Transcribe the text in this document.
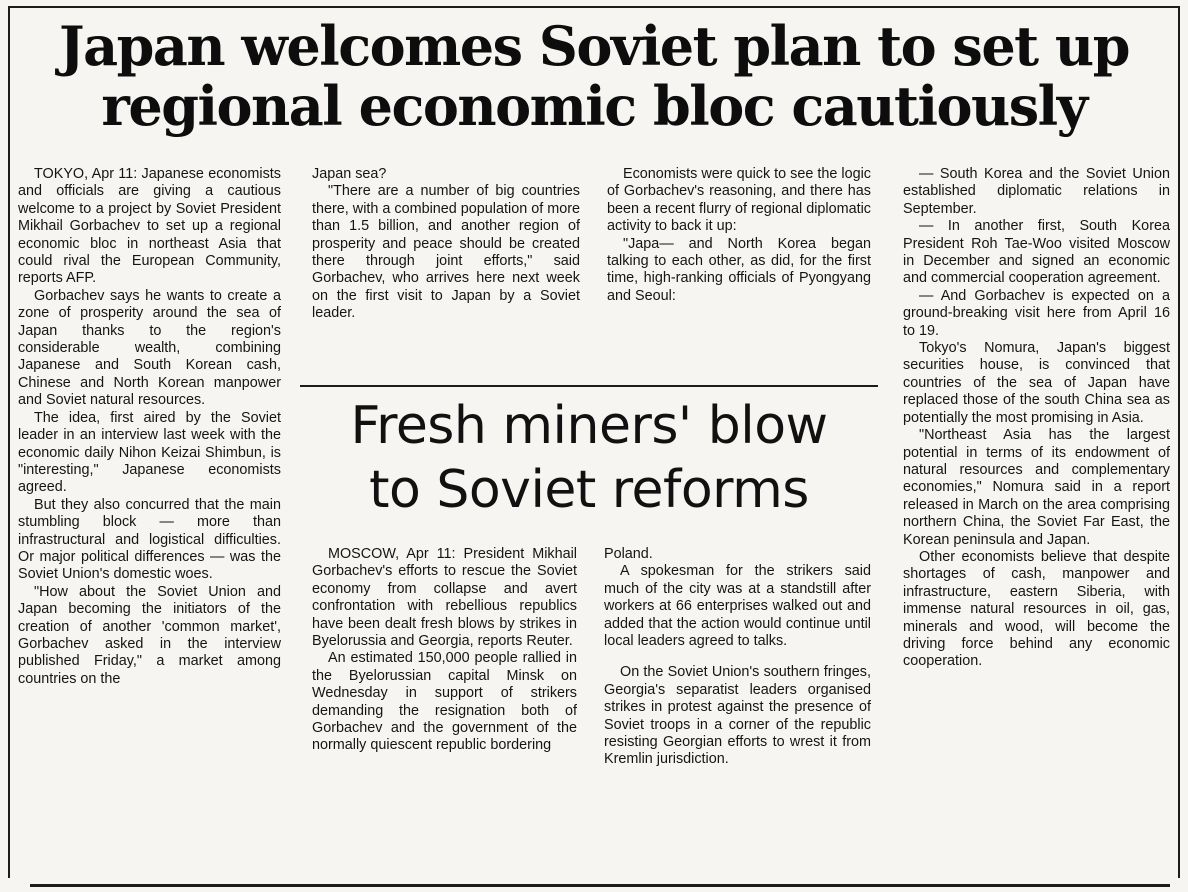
Japan welcomes Soviet plan to set up
regional economic bloc cautiously

TOKYO, Apr 11: Japanese economists and officials are giving a cautious welcome to a project by Soviet President Mikhail Gorbachev to set up a regional economic bloc in northeast Asia that could rival the European Community, reports AFP.

Gorbachev says he wants to create a zone of prosperity around the sea of Japan thanks to the region's considerable wealth, combining Japanese and South Korean cash, Chinese and North Korean manpower and Soviet natural resources.

The idea, first aired by the Soviet leader in an interview last week with the economic daily Nihon Keizai Shimbun, is "interesting," Japanese economists agreed.

But they also concurred that the main stumbling block — more than infrastructural and logistical difficulties. Or major political differences — was the Soviet Union's domestic woes.

"How about the Soviet Union and Japan becoming the initiators of the creation of another 'common market', Gorbachev asked in the interview published Friday," a market among countries on the

Japan sea?

"There are a number of big countries there, with a combined population of more than 1.5 billion, and another region of prosperity and peace should be created there through joint efforts," said Gorbachev, who arrives here next week on the first visit to Japan by a Soviet leader.

Economists were quick to see the logic of Gorbachev's reasoning, and there has been a recent flurry of regional diplomatic activity to back it up:

"Japa— and North Korea began talking to each other, as did, for the first time, high-ranking officials of Pyongyang and Seoul:

— South Korea and the Soviet Union established diplomatic relations in September.

— In another first, South Korea President Roh Tae-Woo visited Moscow in December and signed an economic and commercial cooperation agreement.

— And Gorbachev is expected on a ground-breaking visit here from April 16 to 19.

Tokyo's Nomura, Japan's biggest securities house, is convinced that countries of the sea of Japan have replaced those of the south China sea as potentially the most promising in Asia.

"Northeast Asia has the largest potential in terms of its endowment of natural resources and complementary economies," Nomura said in a report released in March on the area comprising northern China, the Soviet Far East, the Korean peninsula and Japan.

Other economists believe that despite shortages of cash, manpower and infrastructure, eastern Siberia, with immense natural resources in oil, gas, minerals and wood, will become the driving force behind any economic cooperation.

Fresh miners' blow
to Soviet reforms

MOSCOW, Apr 11: President Mikhail Gorbachev's efforts to rescue the Soviet economy from collapse and avert confrontation with rebellious republics have been dealt fresh blows by strikes in Byelorussia and Georgia, reports Reuter.

An estimated 150,000 people rallied in the Byelorussian capital Minsk on Wednesday in support of strikers demanding the resignation both of Gorbachev and the government of the normally quiescent republic bordering

Poland.

A spokesman for the strikers said much of the city was at a standstill after workers at 66 enterprises walked out and added that the action would continue until local leaders agreed to talks.

On the Soviet Union's southern fringes, Georgia's separatist leaders organised strikes in protest against the presence of Soviet troops in a corner of the republic resisting Georgian efforts to wrest it from Kremlin jurisdiction.
